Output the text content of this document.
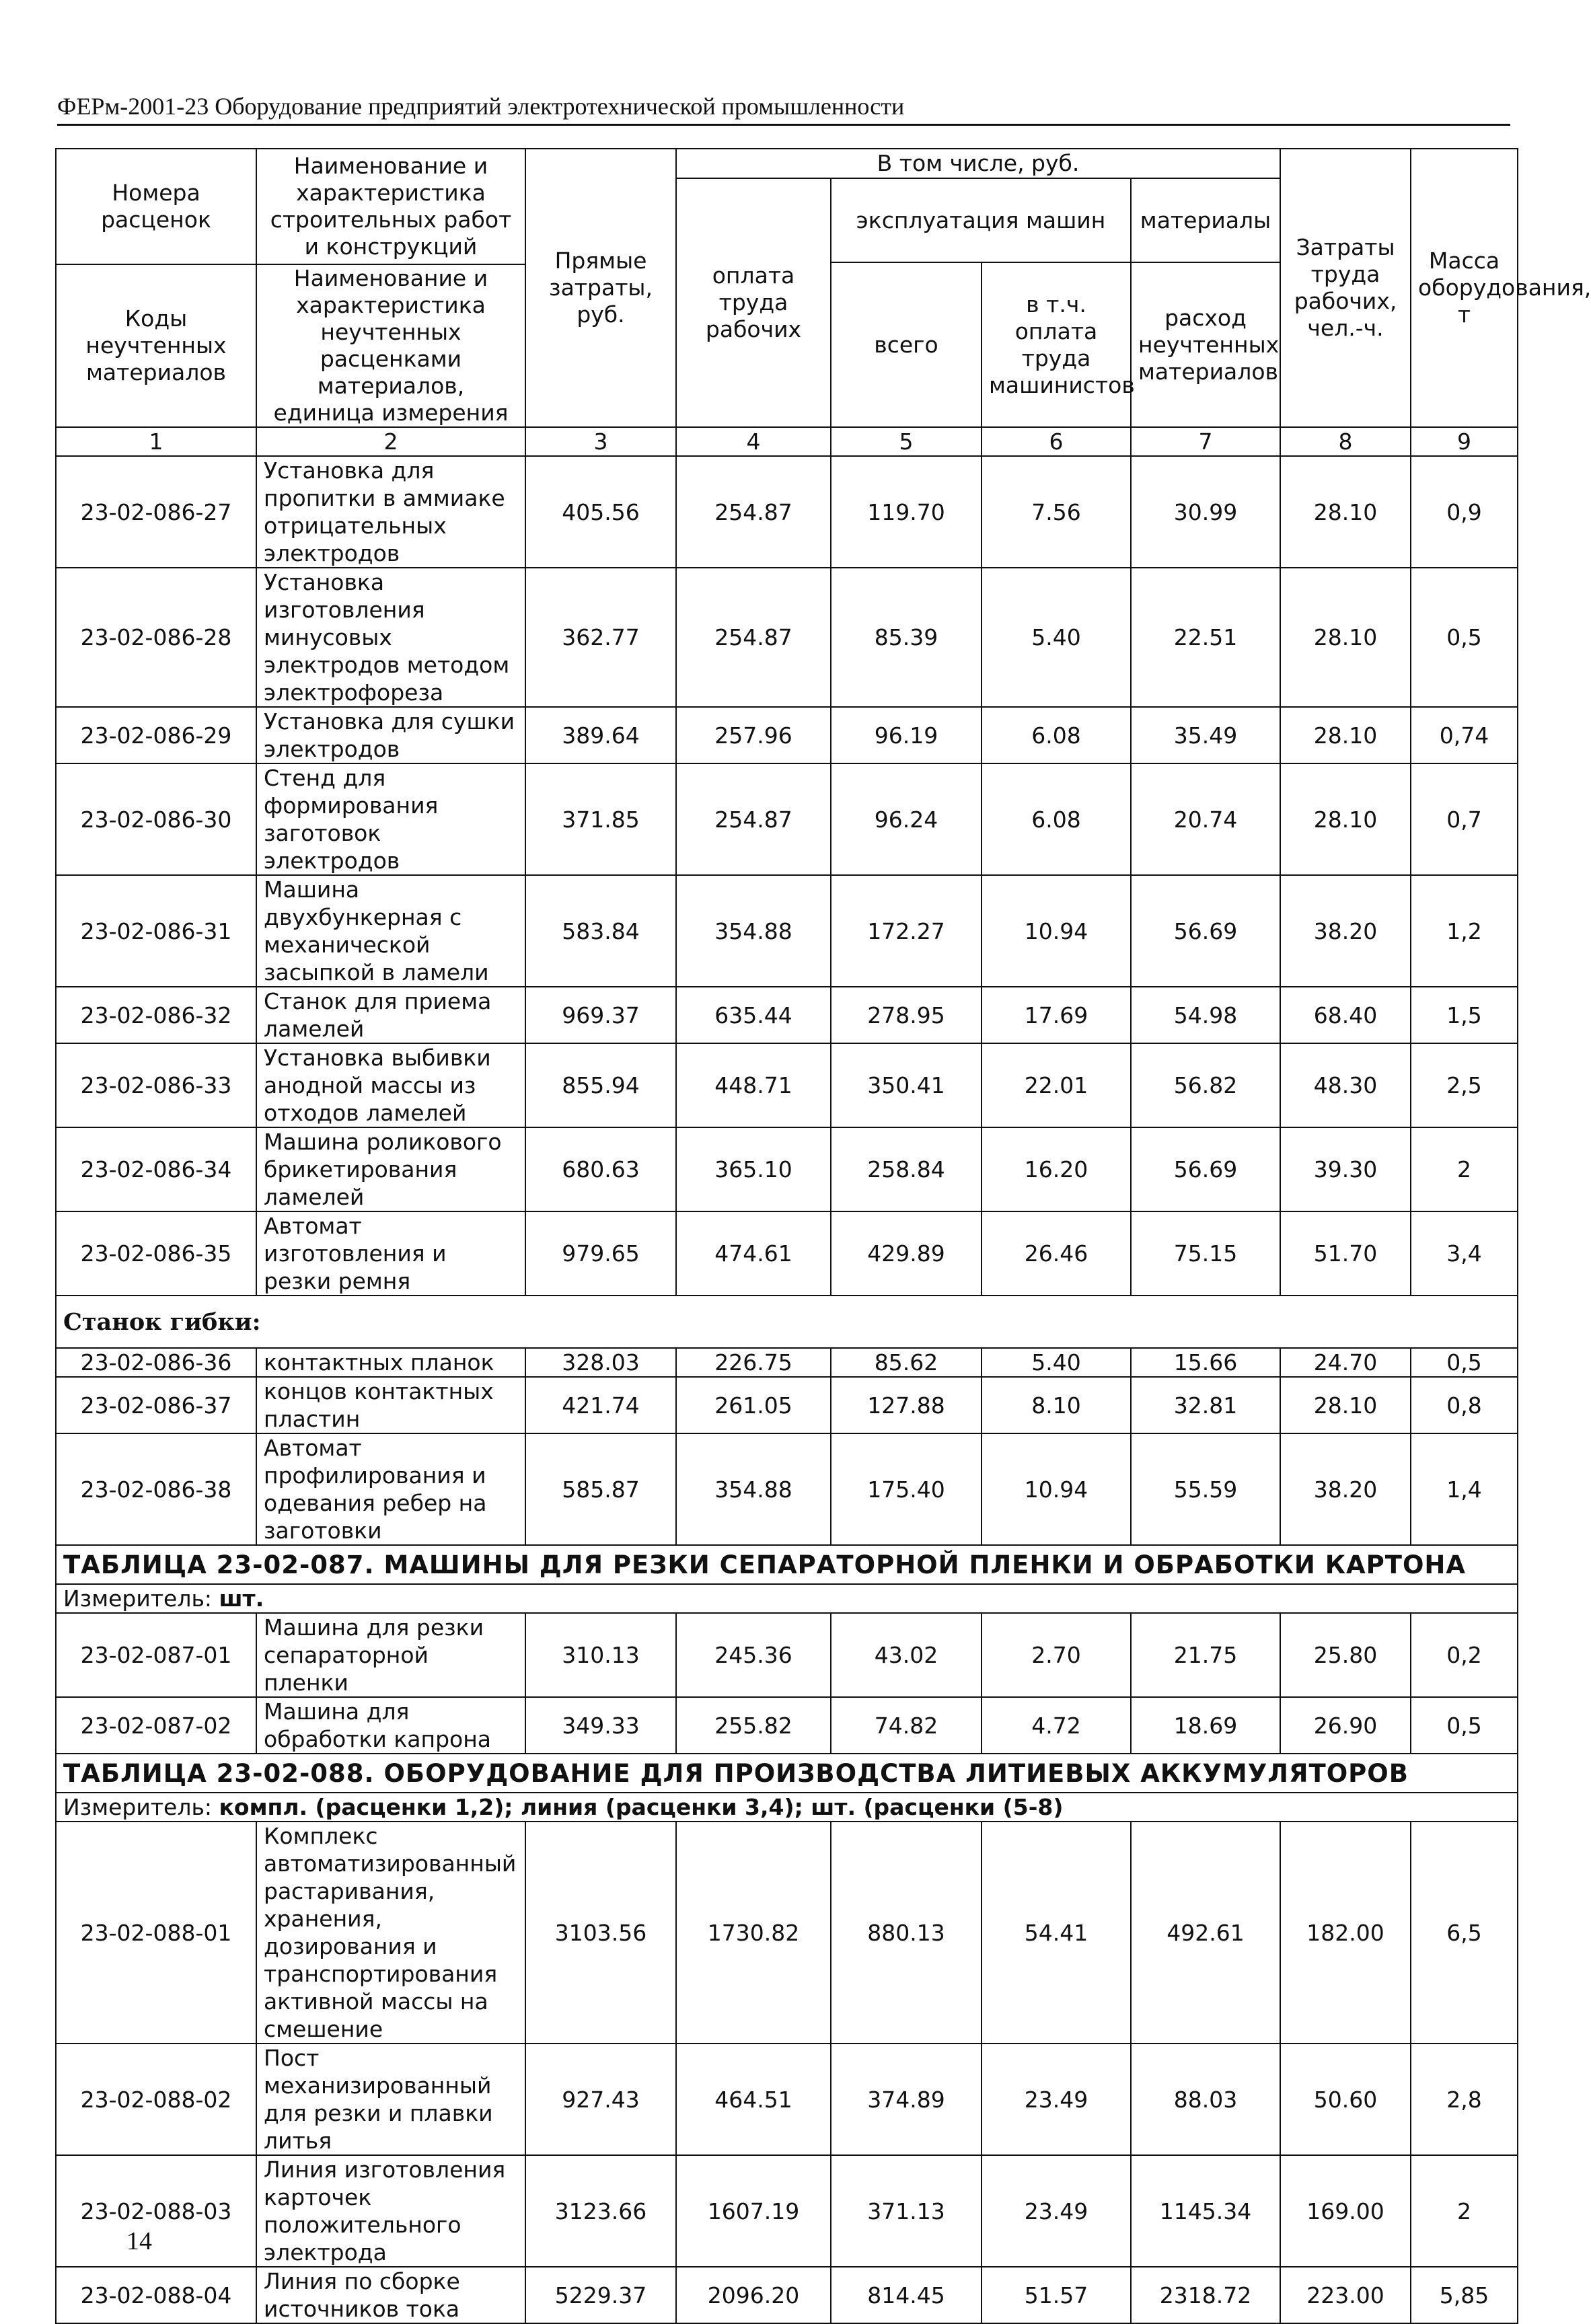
ФЕРм-2001-23 Оборудование предприятий электротехнической промышленности
Номера расценок	Наименование и характеристика строительных работ и конструкций	Прямые затраты, руб.	В том числе, руб.				Затраты труда рабочих, чел.-ч.	Масса оборудования, т
			оплата труда рабочих	эксплуатация машин		материалы		
				всего	в т.ч. оплата труда машинистов	расход неучтенных материалов		
Коды неучтенных материалов	Наименование и характеристика неучтенных расценками материалов, единица измерения							

1	2	3	4	5	6	7	8	9
23-02-086-27	Установка для пропитки в аммиаке отрицательных электродов	405.56	254.87	119.70	7.56	30.99	28.10	0,9
23-02-086-28	Установка изготовления минусовых электродов методом электрофореза	362.77	254.87	85.39	5.40	22.51	28.10	0,5
23-02-086-29	Установка для сушки электродов	389.64	257.96	96.19	6.08	35.49	28.10	0,74
23-02-086-30	Стенд для формирования заготовок электродов	371.85	254.87	96.24	6.08	20.74	28.10	0,7
23-02-086-31	Машина двухбункерная с механической засыпкой в ламели	583.84	354.88	172.27	10.94	56.69	38.20	1,2
23-02-086-32	Станок для приема ламелей	969.37	635.44	278.95	17.69	54.98	68.40	1,5
23-02-086-33	Установка выбивки анодной массы из отходов ламелей	855.94	448.71	350.41	22.01	56.82	48.30	2,5
23-02-086-34	Машина роликового брикетирования ламелей	680.63	365.10	258.84	16.20	56.69	39.30	2
23-02-086-35	Автомат изготовления и резки ремня	979.65	474.61	429.89	26.46	75.15	51.70	3,4
Станок гибки:								
23-02-086-36	контактных планок	328.03	226.75	85.62	5.40	15.66	24.70	0,5
23-02-086-37	концов контактных пластин	421.74	261.05	127.88	8.10	32.81	28.10	0,8
23-02-086-38	Автомат профилирования и одевания ребер на заготовки	585.87	354.88	175.40	10.94	55.59	38.20	1,4
ТАБЛИЦА 23-02-087. МАШИНЫ ДЛЯ РЕЗКИ СЕПАРАТОРНОЙ ПЛЕНКИ И ОБРАБОТКИ КАРТОНА								
Измеритель: шт.								
23-02-087-01	Машина для резки сепараторной пленки	310.13	245.36	43.02	2.70	21.75	25.80	0,2
23-02-087-02	Машина для обработки капрона	349.33	255.82	74.82	4.72	18.69	26.90	0,5
ТАБЛИЦА 23-02-088. ОБОРУДОВАНИЕ ДЛЯ ПРОИЗВОДСТВА ЛИТИЕВЫХ АККУМУЛЯТОРОВ								
Измеритель: компл. (расценки 1,2); линия (расценки 3,4); шт. (расценки (5-8)								
23-02-088-01	Комплекс автоматизированный растаривания, хранения, дозирования и транспортирования активной массы на смешение	3103.56	1730.82	880.13	54.41	492.61	182.00	6,5
23-02-088-02	Пост механизированный для резки и плавки литья	927.43	464.51	374.89	23.49	88.03	50.60	2,8
23-02-088-03	Линия изготовления карточек положительного электрода	3123.66	1607.19	371.13	23.49	1145.34	169.00	2
23-02-088-04	Линия по сборке источников тока	5229.37	2096.20	814.45	51.57	2318.72	223.00	5,85
14
